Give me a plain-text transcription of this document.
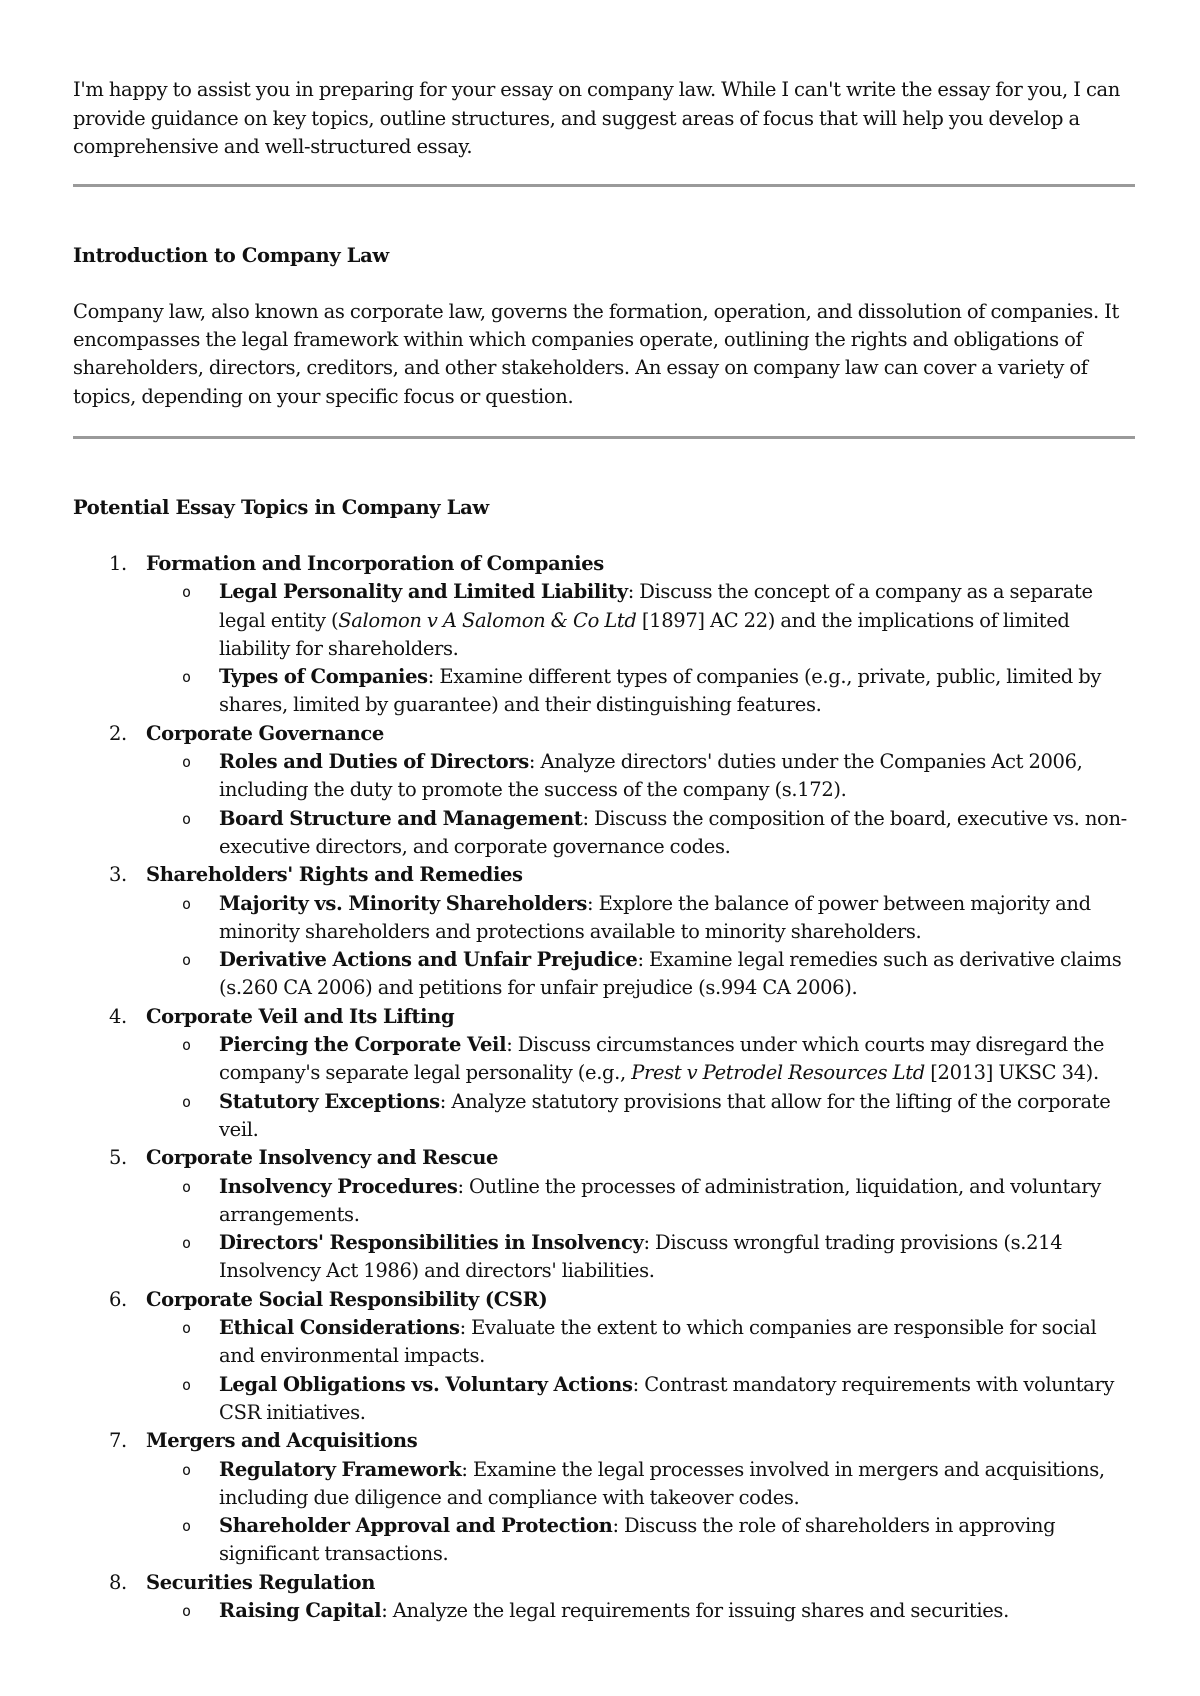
I'm happy to assist you in preparing for your essay on company law. While I can't write the essay for you, I can provide guidance on key topics, outline structures, and suggest areas of focus that will help you develop a comprehensive and well-structured essay.

Introduction to Company Law

Company law, also known as corporate law, governs the formation, operation, and dissolution of companies. It encompasses the legal framework within which companies operate, outlining the rights and obligations of shareholders, directors, creditors, and other stakeholders. An essay on company law can cover a variety of topics, depending on your specific focus or question.

Potential Essay Topics in Company Law

1. Formation and Incorporation of Companies
o Legal Personality and Limited Liability: Discuss the concept of a company as a separate legal entity (Salomon v A Salomon & Co Ltd [1897] AC 22) and the implications of limited liability for shareholders.
o Types of Companies: Examine different types of companies (e.g., private, public, limited by shares, limited by guarantee) and their distinguishing features.
2. Corporate Governance
o Roles and Duties of Directors: Analyze directors' duties under the Companies Act 2006, including the duty to promote the success of the company (s.172).
o Board Structure and Management: Discuss the composition of the board, executive vs. non-executive directors, and corporate governance codes.
3. Shareholders' Rights and Remedies
o Majority vs. Minority Shareholders: Explore the balance of power between majority and minority shareholders and protections available to minority shareholders.
o Derivative Actions and Unfair Prejudice: Examine legal remedies such as derivative claims (s.260 CA 2006) and petitions for unfair prejudice (s.994 CA 2006).
4. Corporate Veil and Its Lifting
o Piercing the Corporate Veil: Discuss circumstances under which courts may disregard the company's separate legal personality (e.g., Prest v Petrodel Resources Ltd [2013] UKSC 34).
o Statutory Exceptions: Analyze statutory provisions that allow for the lifting of the corporate veil.
5. Corporate Insolvency and Rescue
o Insolvency Procedures: Outline the processes of administration, liquidation, and voluntary arrangements.
o Directors' Responsibilities in Insolvency: Discuss wrongful trading provisions (s.214 Insolvency Act 1986) and directors' liabilities.
6. Corporate Social Responsibility (CSR)
o Ethical Considerations: Evaluate the extent to which companies are responsible for social and environmental impacts.
o Legal Obligations vs. Voluntary Actions: Contrast mandatory requirements with voluntary CSR initiatives.
7. Mergers and Acquisitions
o Regulatory Framework: Examine the legal processes involved in mergers and acquisitions, including due diligence and compliance with takeover codes.
o Shareholder Approval and Protection: Discuss the role of shareholders in approving significant transactions.
8. Securities Regulation
o Raising Capital: Analyze the legal requirements for issuing shares and securities.
